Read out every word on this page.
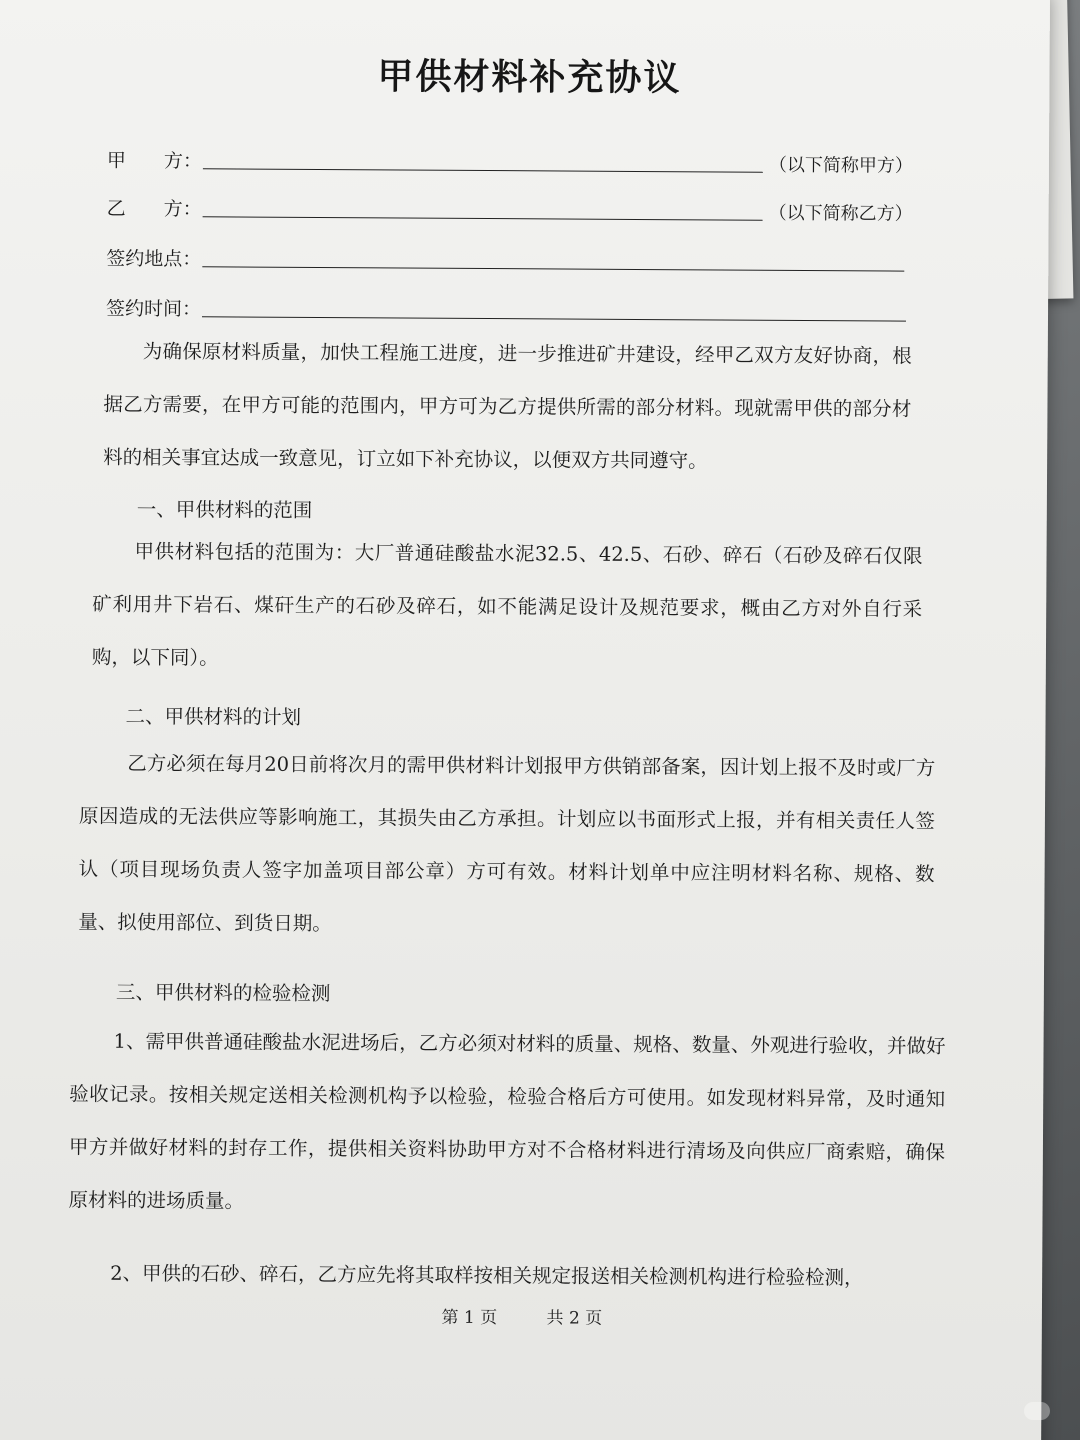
甲供材料补充协议
甲　　方：	（以下简称甲方）
乙　　方：	（以下简称乙方）
签约地点：
签约时间：

为确保原材料质量，加快工程施工进度，进一步推进矿井建设，经甲乙双方友好协商，根据乙方需要，在甲方可能的范围内，甲方可为乙方提供所需的部分材料。现就需甲供的部分材料的相关事宜达成一致意见，订立如下补充协议，以便双方共同遵守。

一、甲供材料的范围

甲供材料包括的范围为：大厂普通硅酸盐水泥32.5、42.5、石砂、碎石（石砂及碎石仅限矿利用井下岩石、煤矸生产的石砂及碎石，如不能满足设计及规范要求，概由乙方对外自行采购，以下同）。

二、甲供材料的计划

乙方必须在每月20日前将次月的需甲供材料计划报甲方供销部备案，因计划上报不及时或厂方原因造成的无法供应等影响施工，其损失由乙方承担。计划应以书面形式上报，并有相关责任人签认（项目现场负责人签字加盖项目部公章）方可有效。材料计划单中应注明材料名称、规格、数量、拟使用部位、到货日期。

三、甲供材料的检验检测

1、需甲供普通硅酸盐水泥进场后，乙方必须对材料的质量、规格、数量、外观进行验收，并做好验收记录。按相关规定送相关检测机构予以检验，检验合格后方可使用。如发现材料异常，及时通知甲方并做好材料的封存工作，提供相关资料协助甲方对不合格材料进行清场及向供应厂商索赔，确保原材料的进场质量。

2、甲供的石砂、碎石，乙方应先将其取样按相关规定报送相关检测机构进行检验检测，

第 1 页	共 2 页
